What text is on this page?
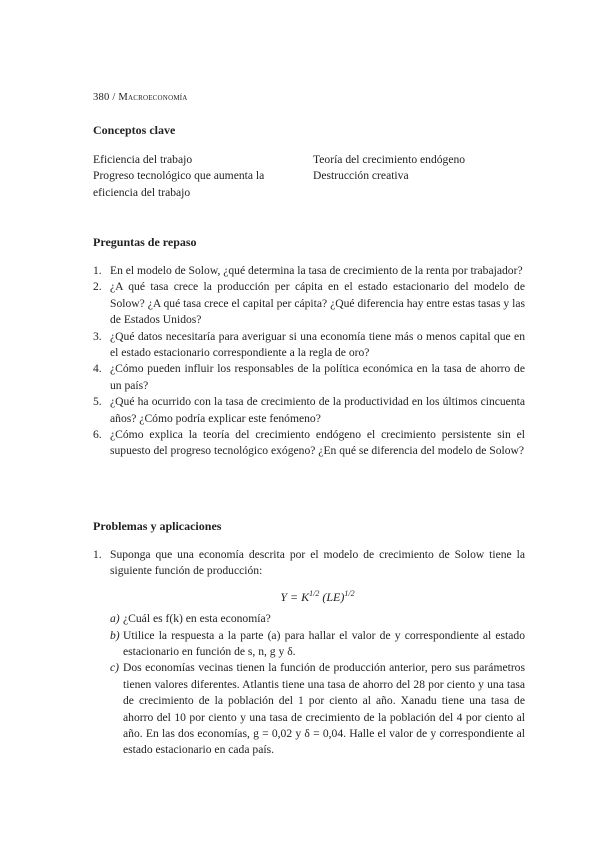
380 / Macroeconomía
Conceptos clave
Eficiencia del trabajo
Progreso tecnológico que aumenta la
eficiencia del trabajo
Teoría del crecimiento endógeno
Destrucción creativa
Preguntas de repaso
1. En el modelo de Solow, ¿qué determina la tasa de crecimiento de la renta por trabajador?
2. ¿A qué tasa crece la producción per cápita en el estado estacionario del modelo de Solow? ¿A qué tasa crece el capital per cápita? ¿Qué diferencia hay entre estas tasas y las de Estados Unidos?
3. ¿Qué datos necesitaría para averiguar si una economía tiene más o menos capital que en el estado estacionario correspondiente a la regla de oro?
4. ¿Cómo pueden influir los responsables de la política económica en la tasa de ahorro de un país?
5. ¿Qué ha ocurrido con la tasa de crecimiento de la productividad en los últimos cincuenta años? ¿Cómo podría explicar este fenómeno?
6. ¿Cómo explica la teoría del crecimiento endógeno el crecimiento persistente sin el supuesto del progreso tecnológico exógeno? ¿En qué se diferencia del modelo de Solow?
Problemas y aplicaciones
1. Suponga que una economía descrita por el modelo de crecimiento de Solow tiene la siguiente función de producción:
$Y = K^{1/2}$ (LE)$^{1/2}$
a) ¿Cuál es f(k) en esta economía?
b) Utilice la respuesta a la parte (a) para hallar el valor de y correspondiente al estado estacionario en función de s, n, g y δ.
c) Dos economías vecinas tienen la función de producción anterior, pero sus parámetros tienen valores diferentes. Atlantis tiene una tasa de ahorro del 28 por ciento y una tasa de crecimiento de la población del 1 por ciento al año. Xanadu tiene una tasa de ahorro del 10 por ciento y una tasa de crecimiento de la población del 4 por ciento al año. En las dos economías, g = 0,02 y δ = 0,04. Halle el valor de y correspondiente al estado estacionario en cada país.
